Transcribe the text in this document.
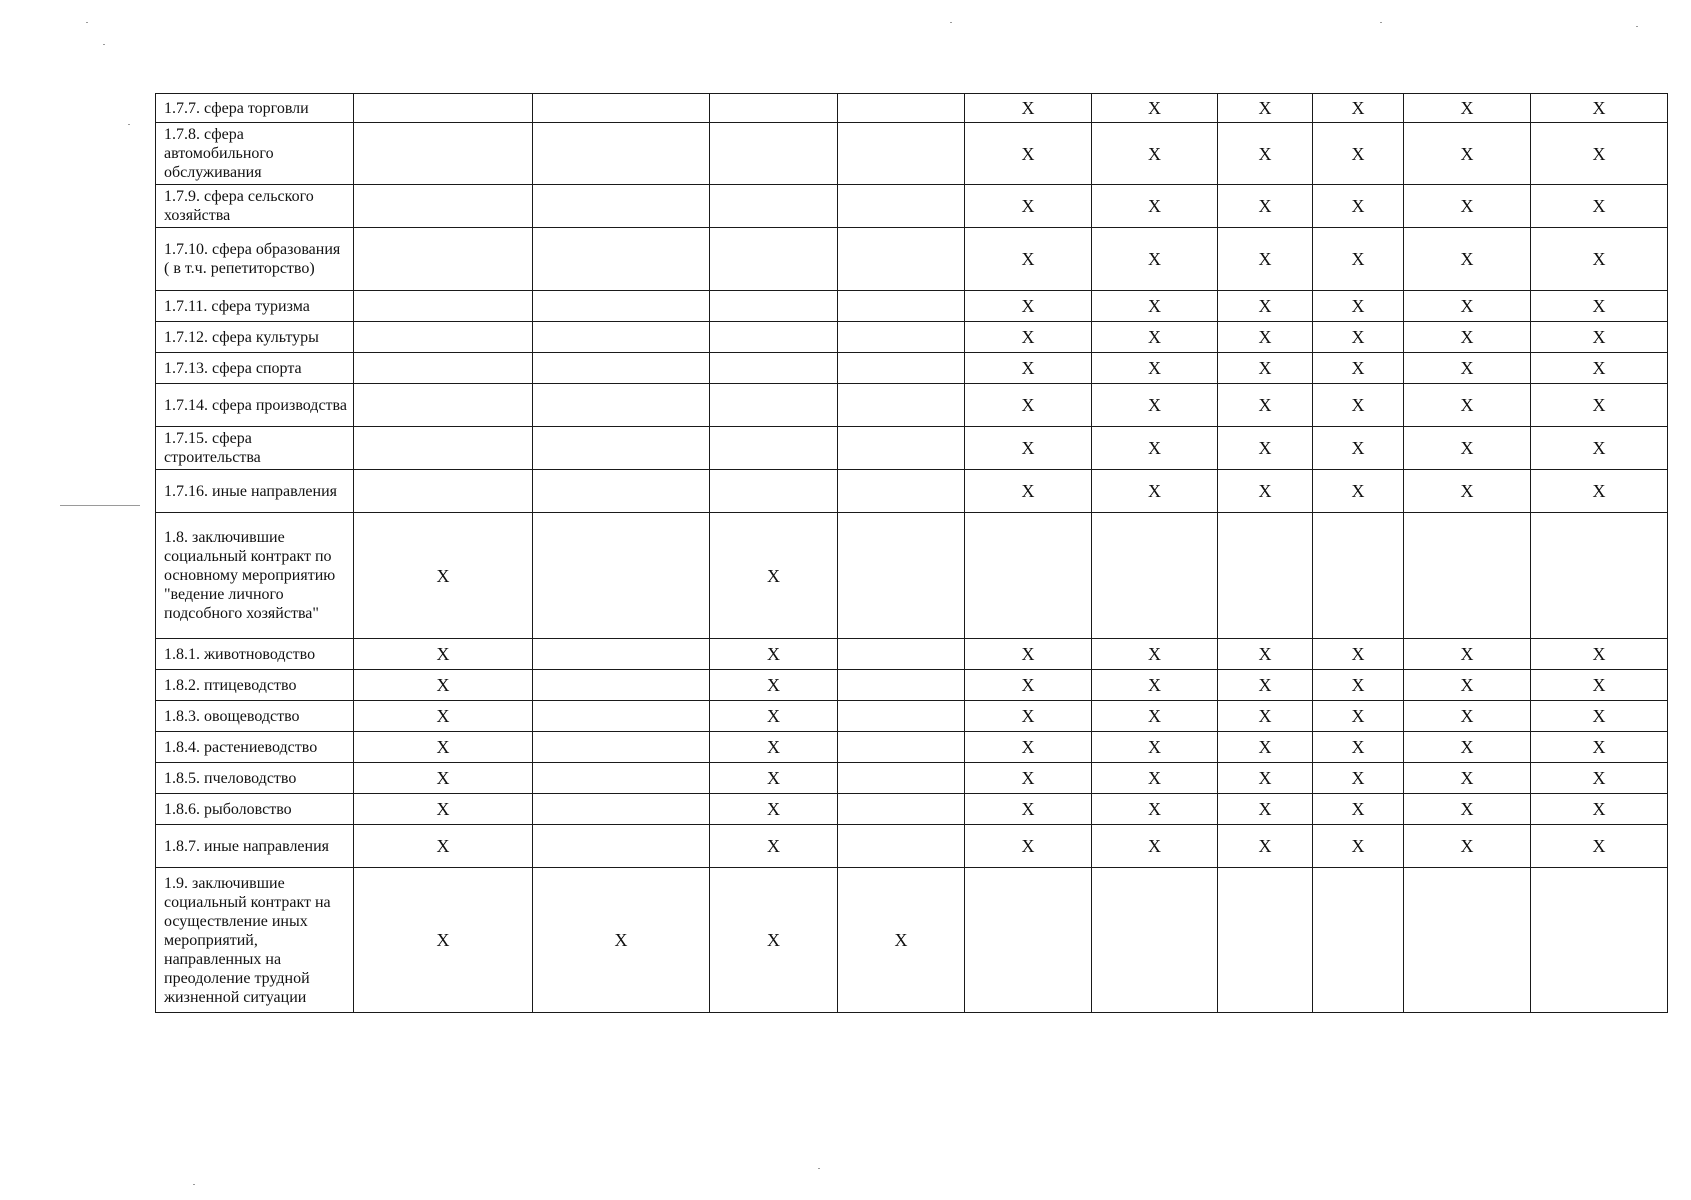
1.7.7. сфера торговли					X	X	X	X	X	X
1.7.8. сфера автомобильного обслуживания					X	X	X	X	X	X
1.7.9. сфера сельского хозяйства					X	X	X	X	X	X
1.7.10. сфера образования ( в т.ч. репетиторство)					X	X	X	X	X	X
1.7.11. сфера туризма					X	X	X	X	X	X
1.7.12. сфера культуры					X	X	X	X	X	X
1.7.13. сфера спорта					X	X	X	X	X	X
1.7.14. сфера производства					X	X	X	X	X	X
1.7.15. сфера строительства					X	X	X	X	X	X
1.7.16. иные направления					X	X	X	X	X	X
1.8. заключившие социальный контракт по основному мероприятию "ведение личного подсобного хозяйства"	X		X							
1.8.1. животноводство	X		X		X	X	X	X	X	X
1.8.2. птицеводство	X		X		X	X	X	X	X	X
1.8.3. овощеводство	X		X		X	X	X	X	X	X
1.8.4. растениеводство	X		X		X	X	X	X	X	X
1.8.5. пчеловодство	X		X		X	X	X	X	X	X
1.8.6. рыболовство	X		X		X	X	X	X	X	X
1.8.7. иные направления	X		X		X	X	X	X	X	X
1.9. заключившие социальный контракт на осуществление иных мероприятий, направленных на преодоление трудной жизненной ситуации	X	X	X	X						
